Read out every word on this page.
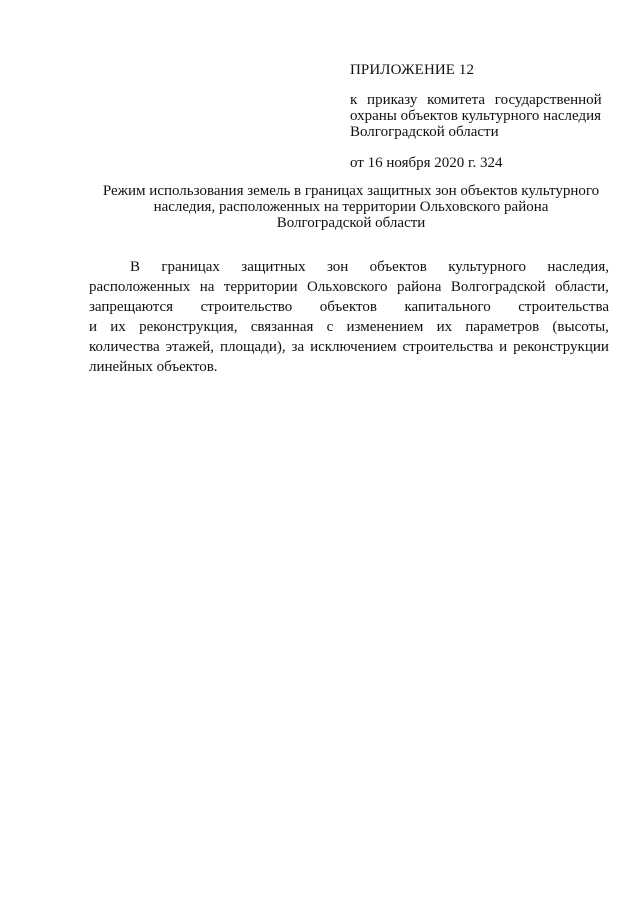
ПРИЛОЖЕНИЕ 12

к приказу комитета государственной
охраны объектов культурного наследия
Волгоградской области

от 16 ноября 2020 г. 324

Режим использования земель в границах защитных зон объектов культурного
наследия, расположенных на территории Ольховского района
Волгоградской области
В границах защитных зон объектов культурного наследия,
расположенных на территории Ольховского района Волгоградской области,
запрещаются строительство объектов капитального строительства
и их реконструкция, связанная с изменением их параметров (высоты,
количества этажей, площади), за исключением строительства и реконструкции
линейных объектов.
